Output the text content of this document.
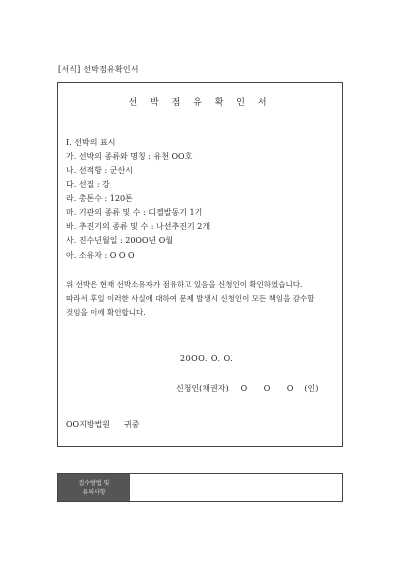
[서식] 선박점유확인서
선 박 점 유 확 인 서
I. 선박의 표시
가. 선박의 종류와 명칭 : 유천 OO호
나. 선적항 : 군산시
다. 선질 : 강
라. 총톤수 : 120톤
마. 기관의 종류 및 수 : 디젤발동기 1기
바. 추진기의 종류 및 수 : 나선추진기 2개
사. 진수년월일 : 20OO년 O월
아. 소유자 : O O O
위 선박은 현재 선박소유자가 점유하고 있음을 신청인이 확인하였습니다.
따라서 후일 이러한 사실에 대하여 문제 발생시 신청인이 모든 책임을 감수할
것임을 이에 확인합니다.
20OO. O. O.
신청인(채권자) O O O (인)
OO지방법원 귀중
접수방법 및
유의사항
